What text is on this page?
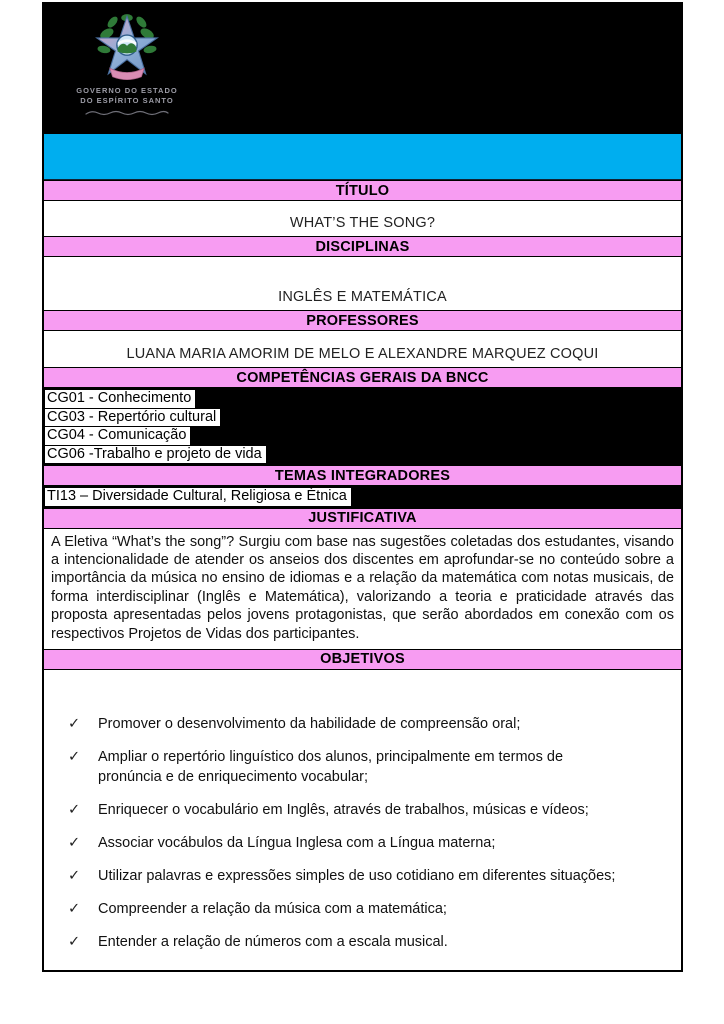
GOVERNO DO ESTADO
DO ESPÍRITO SANTO
TÍTULO
WHAT’S THE SONG?
DISCIPLINAS
INGLÊS E MATEMÁTICA
PROFESSORES
LUANA MARIA AMORIM DE MELO E ALEXANDRE MARQUEZ COQUI
COMPETÊNCIAS GERAIS DA BNCC
CG01 - Conhecimento
CG03 - Repertório cultural
CG04 - Comunicação
CG06 -Trabalho e projeto de vida
TEMAS INTEGRADORES
TI13 – Diversidade Cultural, Religiosa e Étnica
JUSTIFICATIVA
A Eletiva “What’s the song”? Surgiu com base nas sugestões coletadas dos estudantes, visando a intencionalidade de atender os anseios dos discentes em aprofundar-se no conteúdo sobre a importância da música no ensino de idiomas e a relação da matemática com notas musicais, de forma interdisciplinar (Inglês e Matemática), valorizando a teoria e praticidade através das proposta apresentadas pelos jovens protagonistas, que serão abordados em conexão com os respectivos Projetos de Vidas dos participantes.
OBJETIVOS
✓	Promover o desenvolvimento da habilidade de compreensão oral;
✓	Ampliar o repertório linguístico dos alunos, principalmente em termos de pronúncia e de enriquecimento vocabular;
✓	Enriquecer o vocabulário em Inglês, através de trabalhos, músicas e vídeos;
✓	Associar vocábulos da Língua Inglesa com a Língua materna;
✓	Utilizar palavras e expressões simples de uso cotidiano em diferentes situações;
✓	Compreender a relação da música com a matemática;
✓	Entender a relação de números com a escala musical.
